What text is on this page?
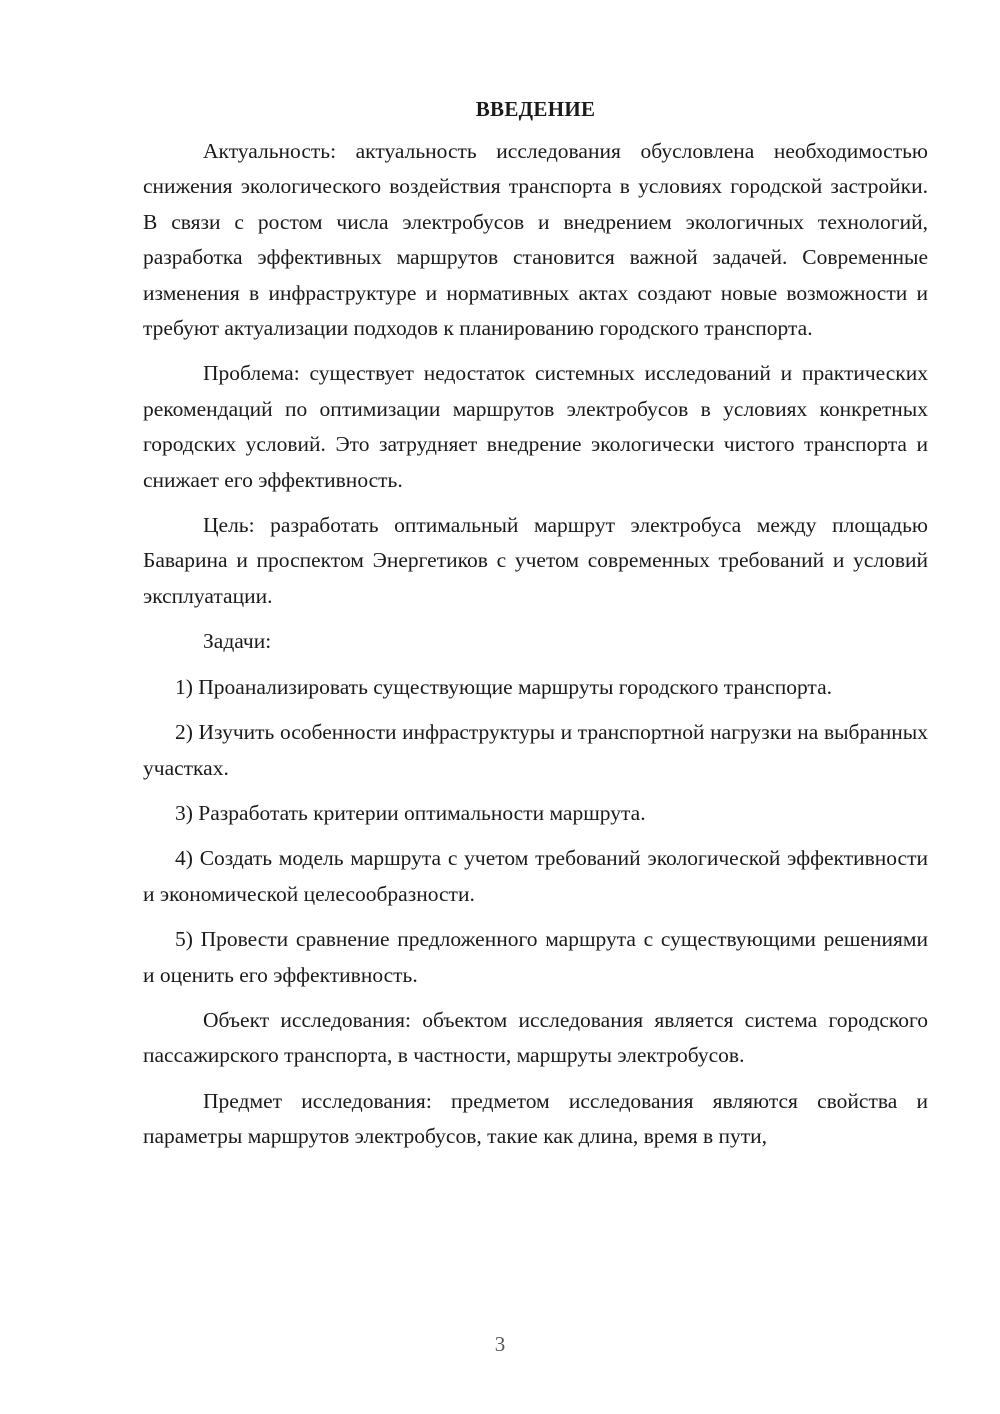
ВВЕДЕНИЕ

Актуальность: актуальность исследования обусловлена необходимостью снижения экологического воздействия транспорта в условиях городской застройки. В связи с ростом числа электробусов и внедрением экологичных технологий, разработка эффективных маршрутов становится важной задачей. Современные изменения в инфраструктуре и нормативных актах создают новые возможности и требуют актуализации подходов к планированию городского транспорта.

Проблема: существует недостаток системных исследований и практических рекомендаций по оптимизации маршрутов электробусов в условиях конкретных городских условий. Это затрудняет внедрение экологически чистого транспорта и снижает его эффективность.

Цель: разработать оптимальный маршрут электробуса между площадью Баварина и проспектом Энергетиков с учетом современных требований и условий эксплуатации.

Задачи:

1) Проанализировать существующие маршруты городского транспорта.

2) Изучить особенности инфраструктуры и транспортной нагрузки на выбранных участках.

3) Разработать критерии оптимальности маршрута.

4) Создать модель маршрута с учетом требований экологической эффективности и экономической целесообразности.

5) Провести сравнение предложенного маршрута с существующими решениями и оценить его эффективность.

Объект исследования: объектом исследования является система городского пассажирского транспорта, в частности, маршруты электробусов.

Предмет исследования: предметом исследования являются свойства и параметры маршрутов электробусов, такие как длина, время в пути,

3
